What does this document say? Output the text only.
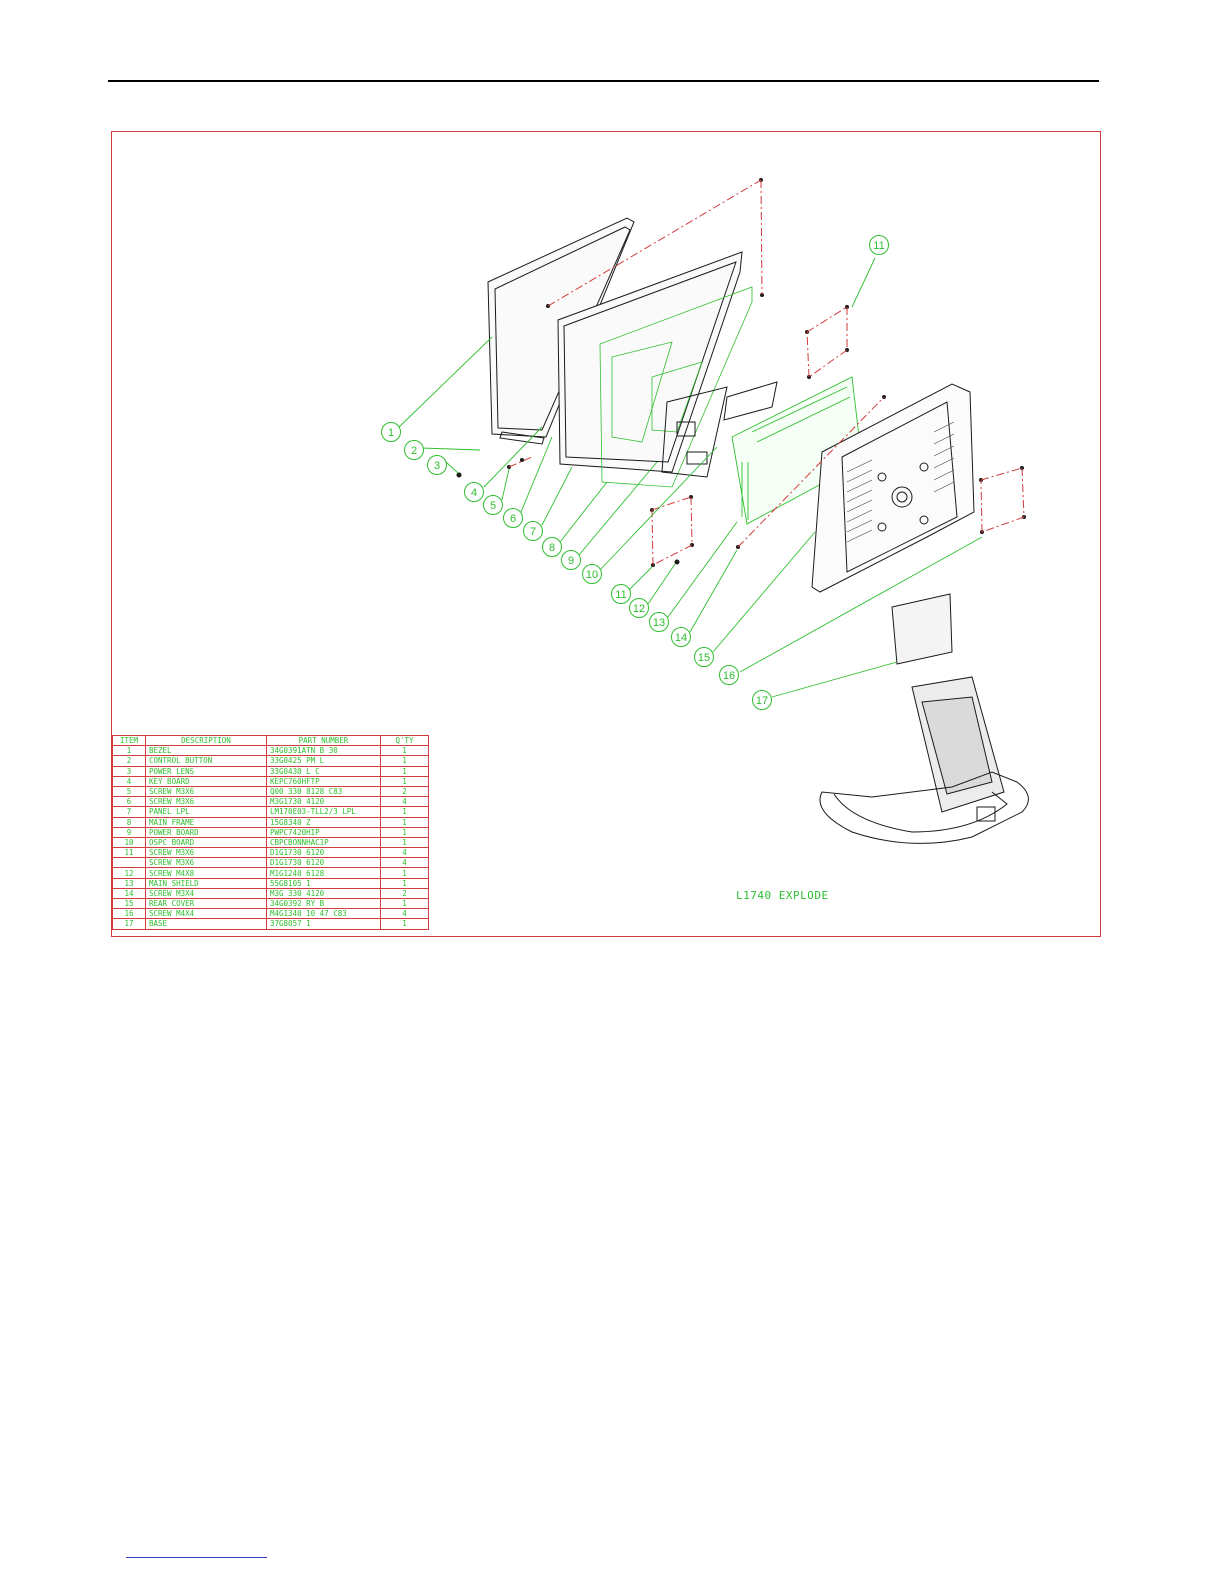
1
2
3
4
5
6
7
8
9
10
11
11
12
13
14
15
16
17
ITEM	DESCRIPTION	PART NUMBER	Q'TY
1	BEZEL	34G0391ATN B 30	1
2	CONTROL BUTTON	33G0425 PM L	1
3	POWER LENS	33G0430 L C	1
4	KEY BOARD	KEPC760HFTP	1
5	SCREW M3X6	Q00 330 8128 C83	2
6	SCREW M3X6	M3G1730 4120	4
7	PANEL LPL	LM170E03-TLL2/3 LPL	1
8	MAIN FRAME	15G8340 Z	1
9	POWER BOARD	PWPC7420HIP	1
10	OSPC BOARD	CBPCBONNHAC1P	1
11	SCREW M3X6	D1G1730 6120	4
	SCREW M3X6	D1G1730 6120	4
12	SCREW M4X8	M1G1240 6128	1
13	MAIN SHIELD	55G8105 1	1
14	SCREW M3X4	M3G 330 4120	2
15	REAR COVER	34G0392 RY B	1
16	SCREW M4X4	M4G1340 10 47 C83	4
17	BASE	37G8057 1	1
L1740 EXPLODE
